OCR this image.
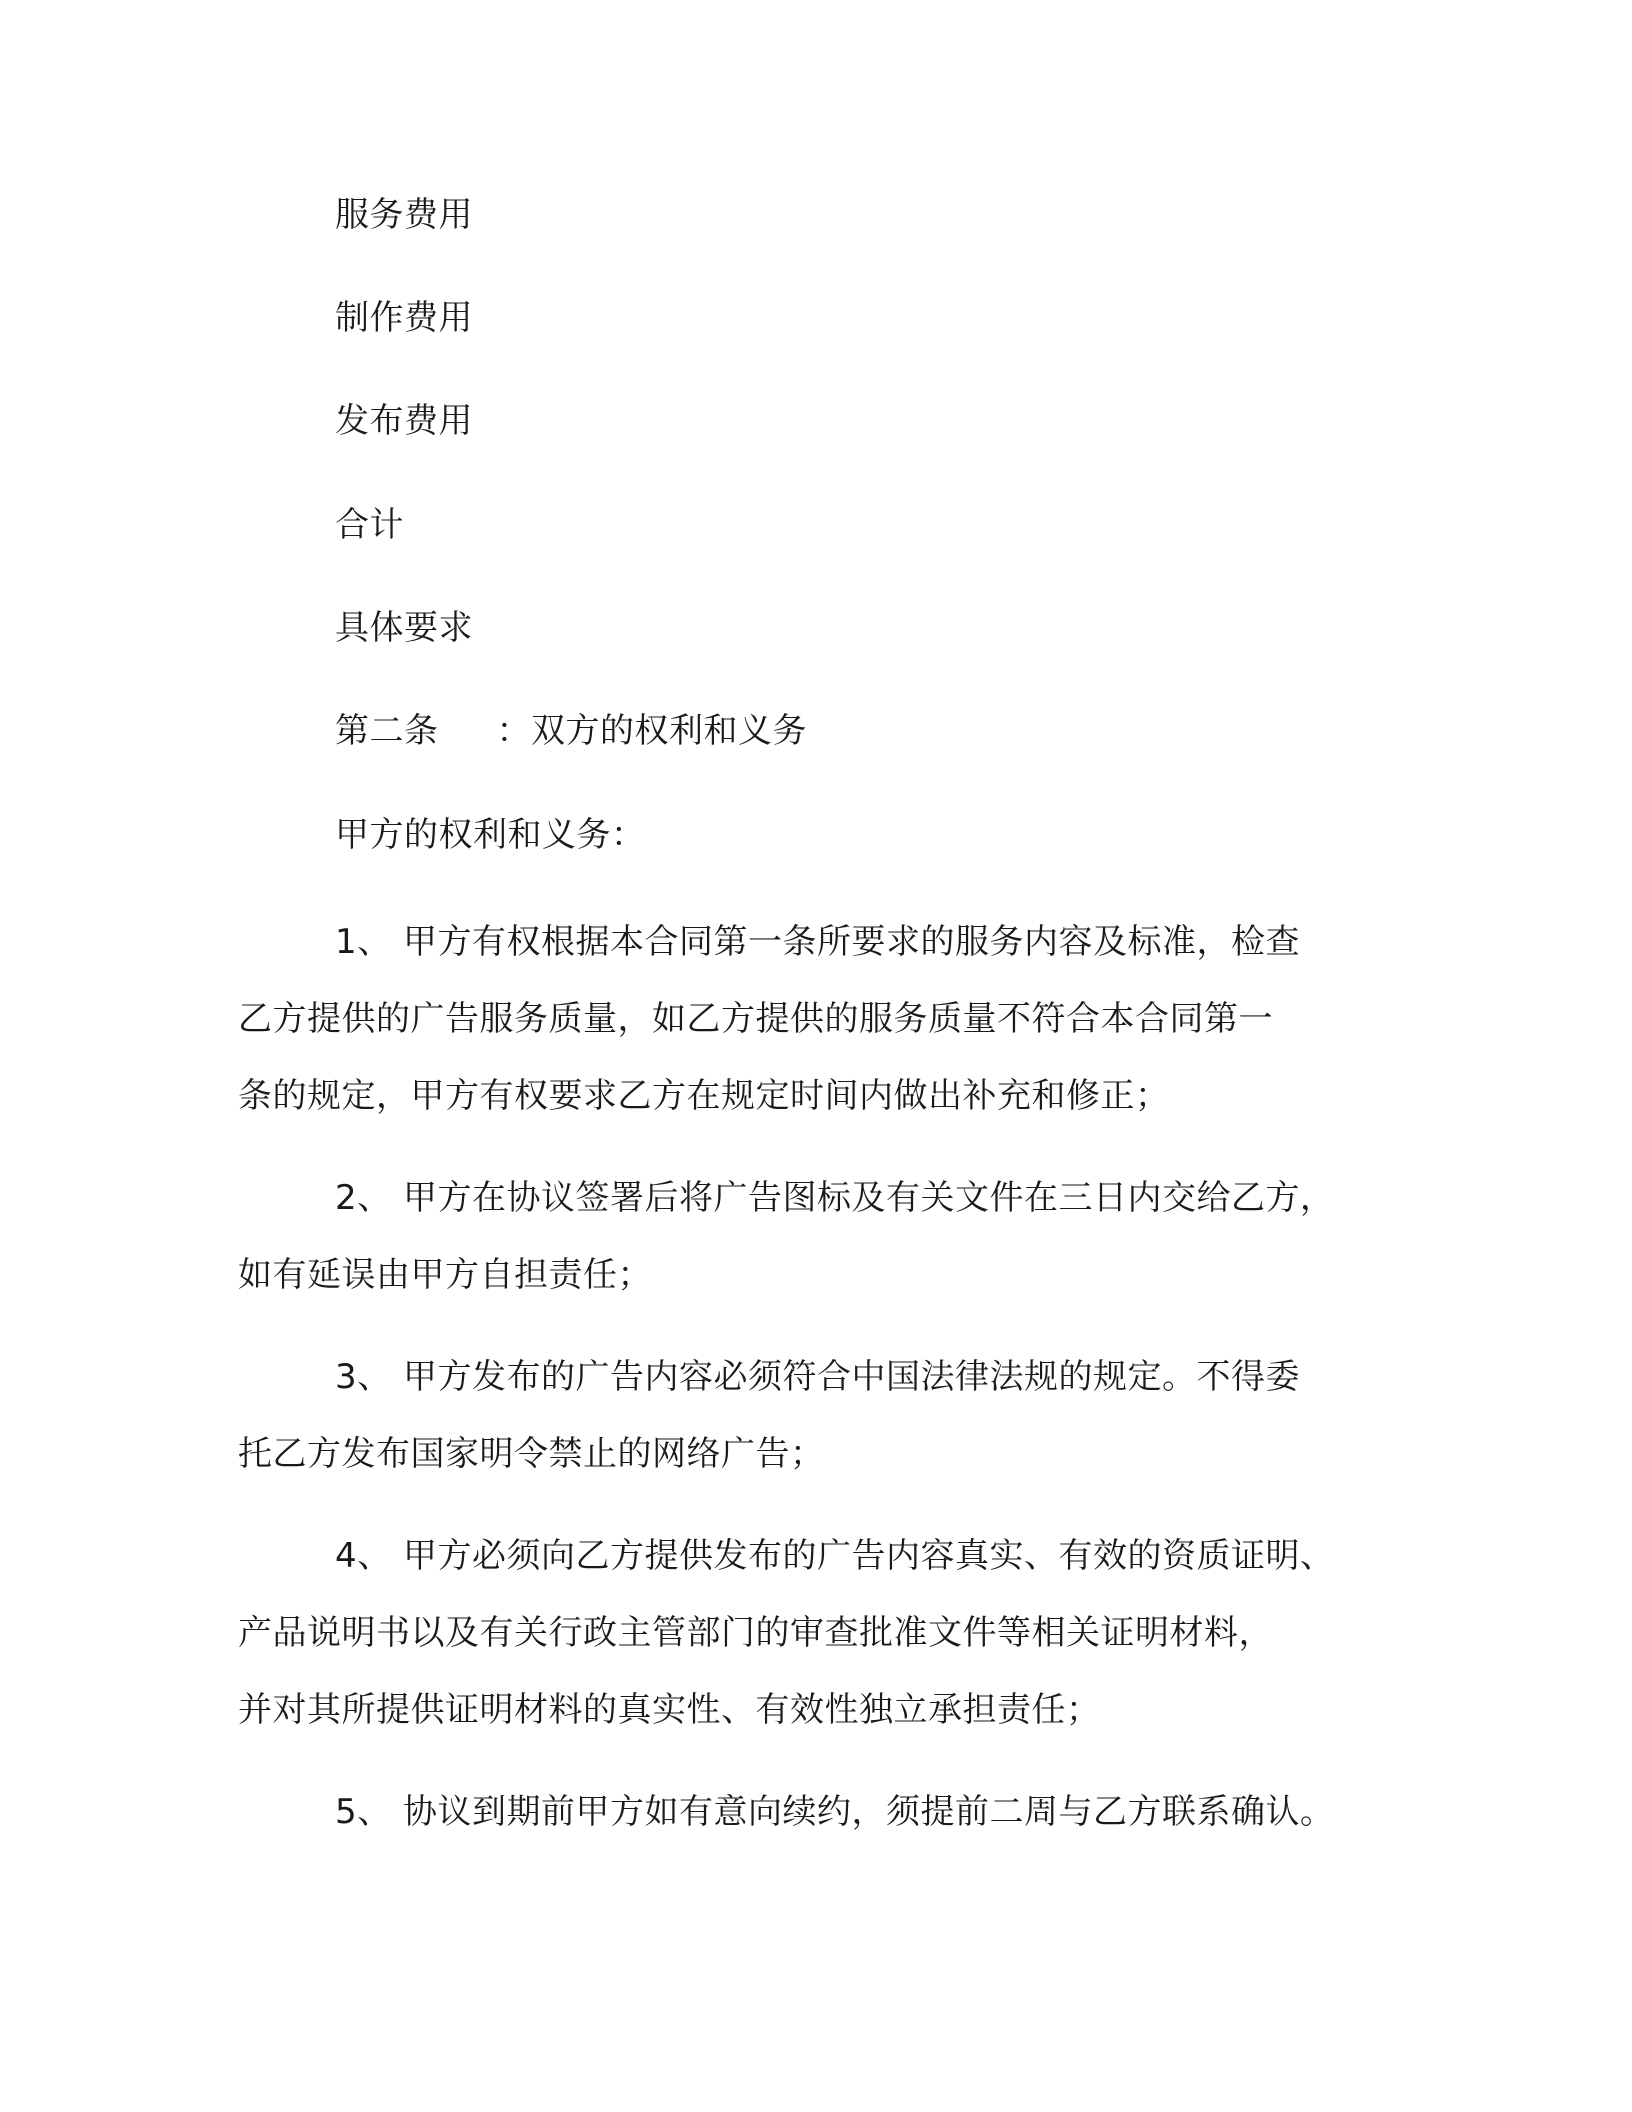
服务费用
制作费用
发布费用
合计
具体要求
第二条 ：双方的权利和义务
甲方的权利和义务：
1、 甲方有权根据本合同第一条所要求的服务内容及标准，检查
乙方提供的广告服务质量，如乙方提供的服务质量不符合本合同第一
条的规定，甲方有权要求乙方在规定时间内做出补充和修正；
2、 甲方在协议签署后将广告图标及有关文件在三日内交给乙方，
如有延误由甲方自担责任；
3、 甲方发布的广告内容必须符合中国法律法规的规定。不得委
托乙方发布国家明令禁止的网络广告；
4、 甲方必须向乙方提供发布的广告内容真实、有效的资质证明、
产品说明书以及有关行政主管部门的审查批准文件等相关证明材料，
并对其所提供证明材料的真实性、有效性独立承担责任；
5、 协议到期前甲方如有意向续约，须提前二周与乙方联系确认。
